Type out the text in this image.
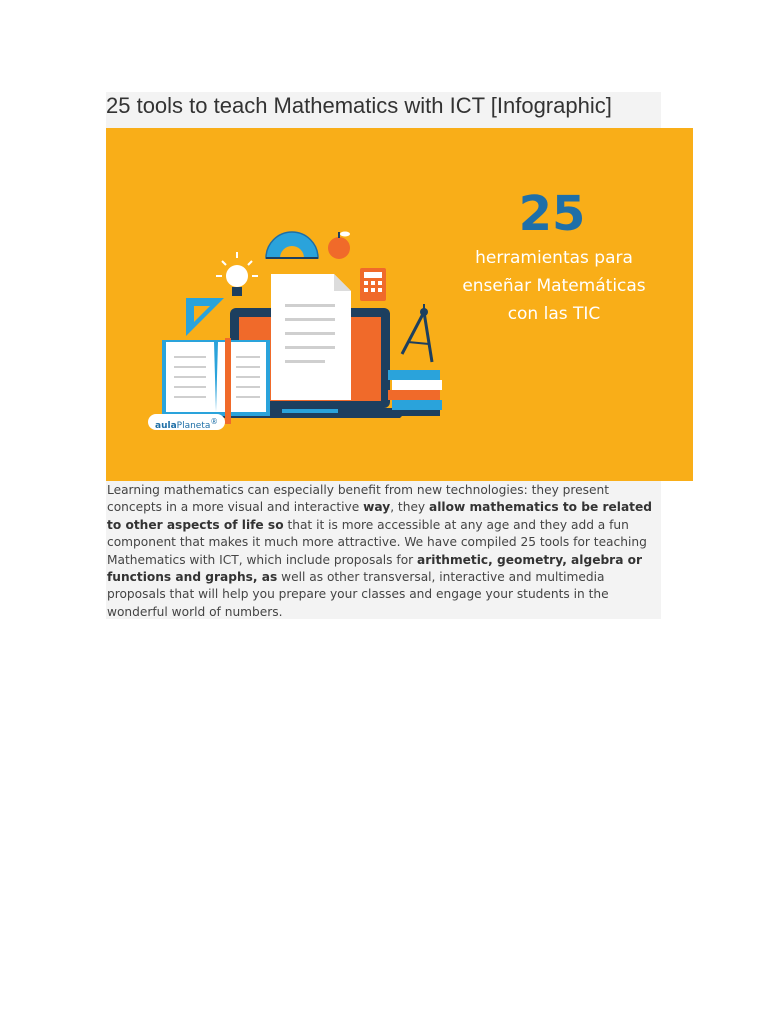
25 tools to teach Mathematics with ICT [Infographic]
25
herramientas para
enseñar Matemáticas
con las TIC
aulaPlaneta®

Learning mathematics can especially benefit from new technologies: they present concepts in a more visual and interactive way, they allow mathematics to be related to other aspects of life so that it is more accessible at any age and they add a fun component that makes it much more attractive. We have compiled 25 tools for teaching Mathematics with ICT, which include proposals for arithmetic, geometry, algebra or functions and graphs, as well as other transversal, interactive and multimedia proposals that will help you prepare your classes and engage your students in the wonderful world of numbers.
